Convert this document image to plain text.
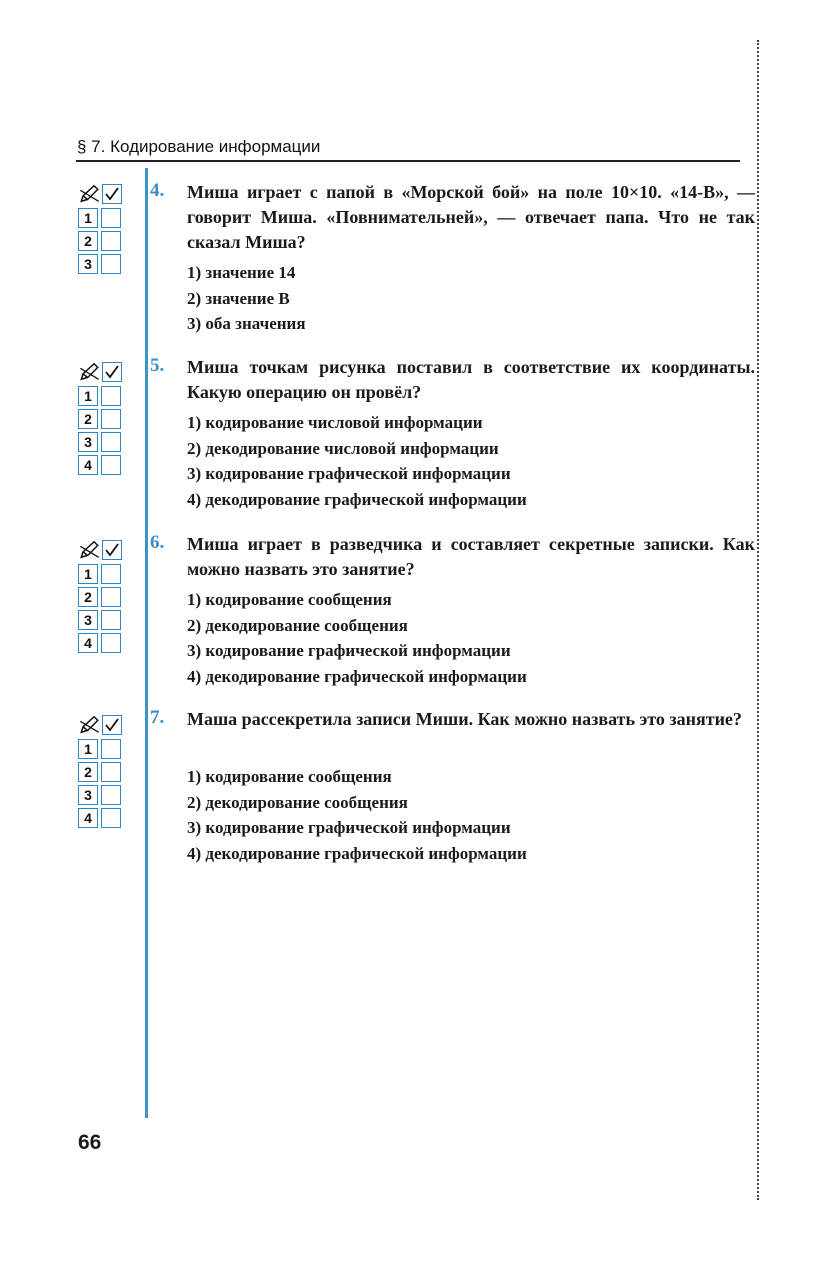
§ 7. Кодирование информации
1
2
3
4. Миша играет с папой в «Морской бой» на поле 10×10. «14-В», — говорит Миша. «Повнимательней», — отвечает папа. Что не так сказал Миша?
1) значение 14
2) значение В
3) оба значения
1
2
3
4
5. Миша точкам рисунка поставил в соответствие их координаты. Какую операцию он провёл?
1) кодирование числовой информации
2) декодирование числовой информации
3) кодирование графической информации
4) декодирование графической информации
1
2
3
4
6. Миша играет в разведчика и составляет секретные записки. Как можно назвать это занятие?
1) кодирование сообщения
2) декодирование сообщения
3) кодирование графической информации
4) декодирование графической информации
1
2
3
4
7. Маша рассекретила записи Миши. Как можно назвать это занятие?
1) кодирование сообщения
2) декодирование сообщения
3) кодирование графической информации
4) декодирование графической информации
66
